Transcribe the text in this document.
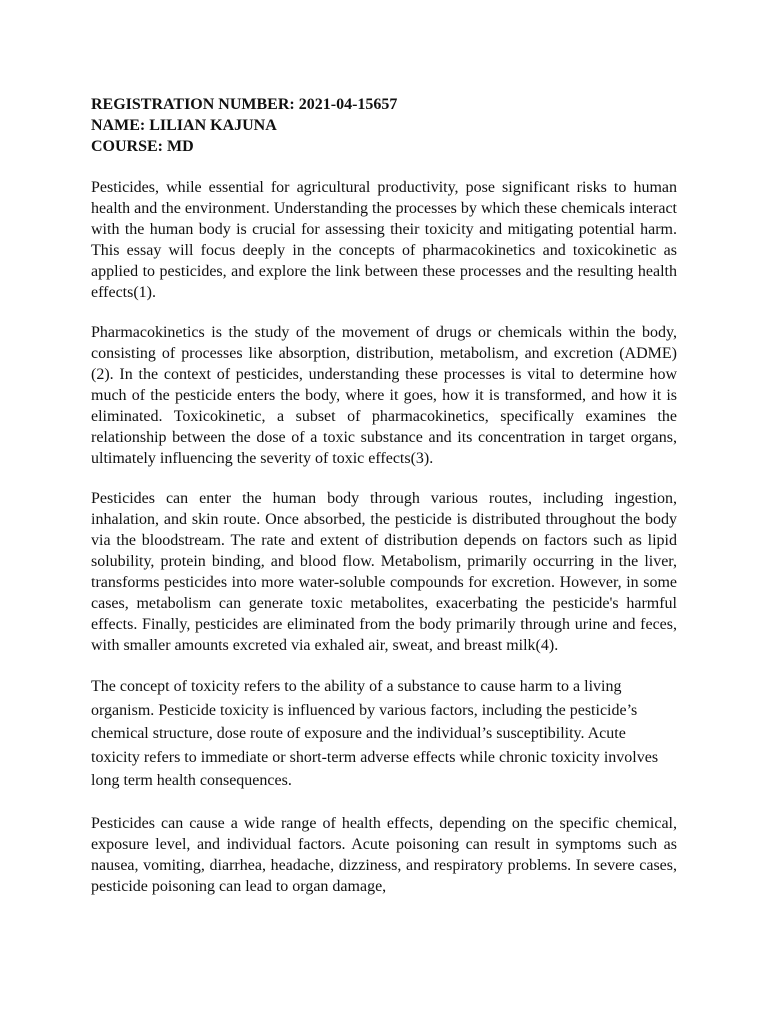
REGISTRATION NUMBER: 2021-04-15657

NAME: LILIAN KAJUNA

COURSE: MD

Pesticides, while essential for agricultural productivity, pose significant risks to human health and the environment. Understanding the processes by which these chemicals interact with the human body is crucial for assessing their toxicity and mitigating potential harm. This essay will focus deeply in the concepts of pharmacokinetics and toxicokinetic as applied to pesticides, and explore the link between these processes and the resulting health effects(1).

Pharmacokinetics is the study of the movement of drugs or chemicals within the body, consisting of processes like absorption, distribution, metabolism, and excretion (ADME)(2). In the context of pesticides, understanding these processes is vital to determine how much of the pesticide enters the body, where it goes, how it is transformed, and how it is eliminated. Toxicokinetic, a subset of pharmacokinetics, specifically examines the relationship between the dose of a toxic substance and its concentration in target organs, ultimately influencing the severity of toxic effects(3).

Pesticides can enter the human body through various routes, including ingestion, inhalation, and skin route. Once absorbed, the pesticide is distributed throughout the body via the bloodstream. The rate and extent of distribution depends on factors such as lipid solubility, protein binding, and blood flow. Metabolism, primarily occurring in the liver, transforms pesticides into more water-soluble compounds for excretion. However, in some cases, metabolism can generate toxic metabolites, exacerbating the pesticide's harmful effects. Finally, pesticides are eliminated from the body primarily through urine and feces, with smaller amounts excreted via exhaled air, sweat, and breast milk(4).

The concept of toxicity refers to the ability of a substance to cause harm to a living organism. Pesticide toxicity is influenced by various factors, including the pesticide’s chemical structure, dose route of exposure and the individual’s susceptibility. Acute toxicity refers to immediate or short-term adverse effects while chronic toxicity involves long term health consequences.

Pesticides can cause a wide range of health effects, depending on the specific chemical, exposure level, and individual factors. Acute poisoning can result in symptoms such as nausea, vomiting, diarrhea, headache, dizziness, and respiratory problems. In severe cases, pesticide poisoning can lead to organ damage,
